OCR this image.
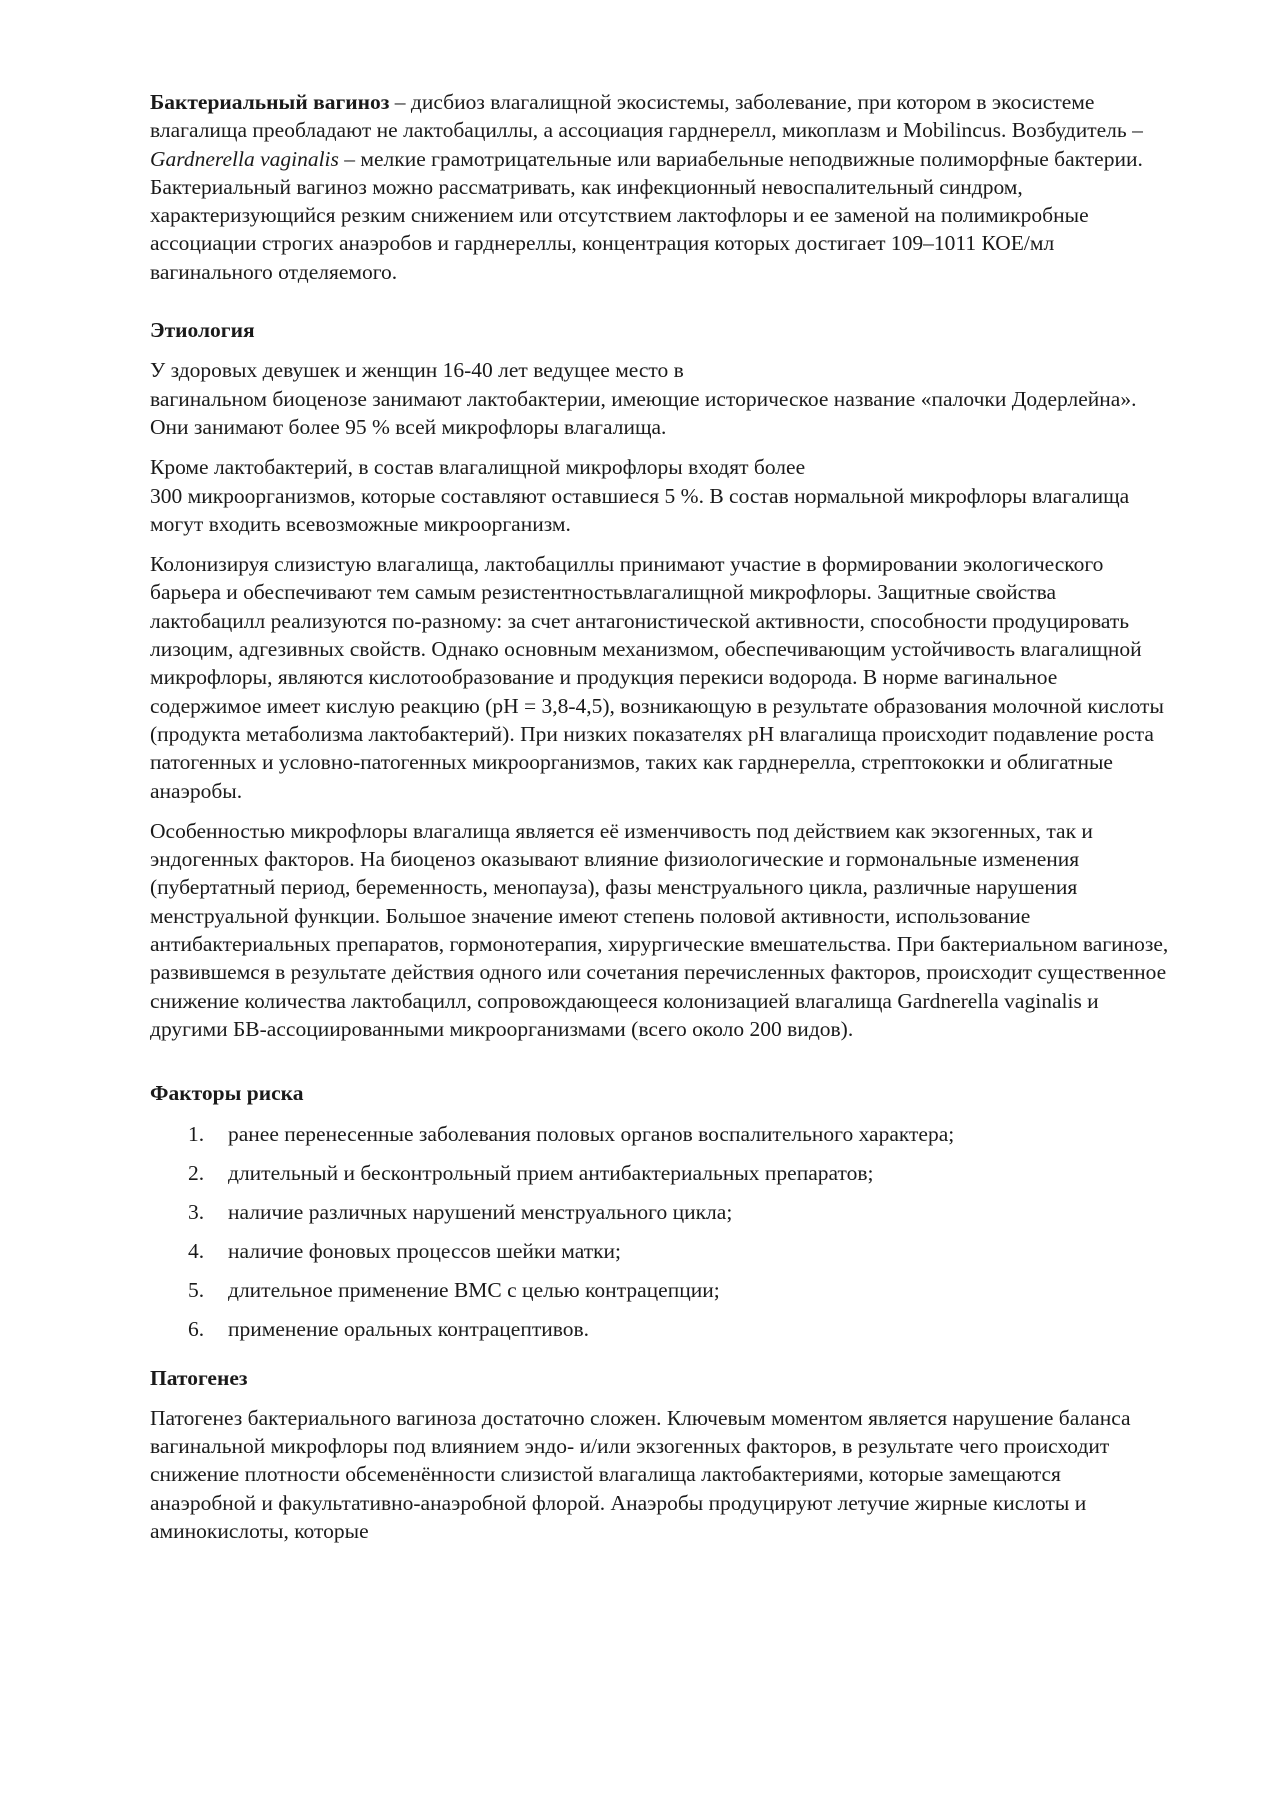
Бактериальный вагиноз – дисбиоз влагалищной экосистемы, заболевание, при котором в экосистеме влагалища преобладают не лактобациллы, а ассоциация гарднерелл, микоплазм и Mobilincus. Возбудитель – Gardnerella vaginalis – мелкие грамотрицательные или вариабельные неподвижные полиморфные бактерии. Бактериальный вагиноз можно рассматривать, как инфекционный невоспалительный синдром, характеризующийся резким снижением или отсутствием лактофлоры и ее заменой на полимикробные ассоциации строгих анаэробов и гарднереллы, концентрация которых достигает 109–1011 КОЕ/мл вагинального отделяемого.

Этиология

У здоровых девушек и женщин 16-40 лет ведущее место в
вагинальном биоценозе занимают лактобактерии, имеющие историческое название «палочки Додерлейна». Они занимают более 95 % всей микрофлоры влагалища.

Кроме лактобактерий, в состав влагалищной микрофлоры входят более
300 микроорганизмов, которые составляют оставшиеся 5 %. В состав нормальной микрофлоры влагалища могут входить всевозможные микроорганизм.

Колонизируя слизистую влагалища, лактобациллы принимают участие в формировании экологического барьера и обеспечивают тем самым резистентностьвлагалищной микрофлоры. Защитные свойства лактобацилл реализуются по-разному: за счет антагонистической активности, способности продуцировать лизоцим, адгезивных свойств. Однако основным механизмом, обеспечивающим устойчивость влагалищной микрофлоры, являются кислотообразование и продукция перекиси водорода. В норме вагинальное содержимое имеет кислую реакцию (pH = 3,8-4,5), возникающую в результате образования молочной кислоты (продукта метаболизма лактобактерий). При низких показателях pH влагалища происходит подавление роста патогенных и условно-патогенных микроорганизмов, таких как гарднерелла, стрептококки и облигатные анаэробы.

Особенностью микрофлоры влагалища является её изменчивость под действием как экзогенных, так и эндогенных факторов. На биоценоз оказывают влияние физиологические и гормональные изменения (пубертатный период, беременность, менопауза), фазы менструального цикла, различные нарушения менструальной функции. Большое значение имеют степень половой активности, использование антибактериальных препаратов, гормонотерапия, хирургические вмешательства. При бактериальном вагинозе, развившемся в результате действия одного или сочетания перечисленных факторов, происходит существенное снижение количества лактобацилл, сопровождающееся колонизацией влагалища Gardnerella vaginalis и другими БВ-ассоциированными микроорганизмами (всего около 200 видов).

Факторы риска
1.	ранее перенесенные заболевания половых органов воспалительного характера;
2.	длительный и бесконтрольный прием антибактериальных препаратов;
3.	наличие различных нарушений менструального цикла;
4.	наличие фоновых процессов шейки матки;
5.	длительное применение ВМС с целью контрацепции;
6.	применение оральных контрацептивов.
Патогенез

Патогенез бактериального вагиноза достаточно сложен. Ключевым моментом является нарушение баланса вагинальной микрофлоры под влиянием эндо- и/или экзогенных факторов, в результате чего происходит снижение плотности обсеменённости слизистой влагалища лактобактериями, которые замещаются анаэробной и факультативно-анаэробной флорой. Анаэробы продуцируют летучие жирные кислоты и аминокислоты, которые
